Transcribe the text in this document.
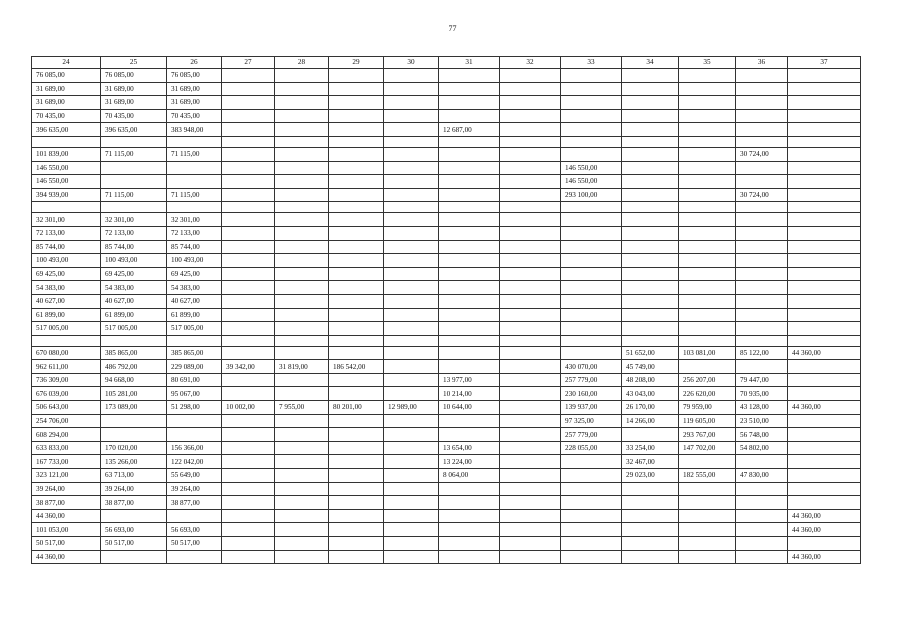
77
24	25	26	27	28	29	30	31	32	33	34	35	36	37
76 085,00	76 085,00	76 085,00											
31 689,00	31 689,00	31 689,00											
31 689,00	31 689,00	31 689,00											
70 435,00	70 435,00	70 435,00											
396 635,00	396 635,00	383 948,00					12 687,00						

101 839,00	71 115,00	71 115,00										30 724,00	
146 550,00									146 550,00				
146 550,00									146 550,00				
394 939,00	71 115,00	71 115,00							293 100,00			30 724,00	

32 301,00	32 301,00	32 301,00											
72 133,00	72 133,00	72 133,00											
85 744,00	85 744,00	85 744,00											
100 493,00	100 493,00	100 493,00											
69 425,00	69 425,00	69 425,00											
54 383,00	54 383,00	54 383,00											
40 627,00	40 627,00	40 627,00											
61 899,00	61 899,00	61 899,00											
517 005,00	517 005,00	517 005,00											

670 080,00	385 865,00	385 865,00								51 652,00	103 081,00	85 122,00	44 360,00
962 611,00	486 792,00	229 089,00	39 342,00	31 819,00	186 542,00				430 070,00	45 749,00			
736 309,00	94 668,00	80 691,00					13 977,00		257 779,00	48 208,00	256 207,00	79 447,00	
676 039,00	105 281,00	95 067,00					10 214,00		230 160,00	43 043,00	226 620,00	70 935,00	
506 643,00	173 089,00	51 298,00	10 002,00	7 955,00	80 201,00	12 989,00	10 644,00		139 937,00	26 170,00	79 959,00	43 128,00	44 360,00
254 706,00									97 325,00	14 266,00	119 605,00	23 510,00	
608 294,00									257 779,00		293 767,00	56 748,00	
633 833,00	170 020,00	156 366,00					13 654,00		228 055,00	33 254,00	147 702,00	54 802,00	
167 733,00	135 266,00	122 042,00					13 224,00			32 467,00			
323 121,00	63 713,00	55 649,00					8 064,00			29 023,00	182 555,00	47 830,00	
39 264,00	39 264,00	39 264,00											
38 877,00	38 877,00	38 877,00											
44 360,00													44 360,00
101 053,00	56 693,00	56 693,00											44 360,00
50 517,00	50 517,00	50 517,00											
44 360,00													44 360,00
